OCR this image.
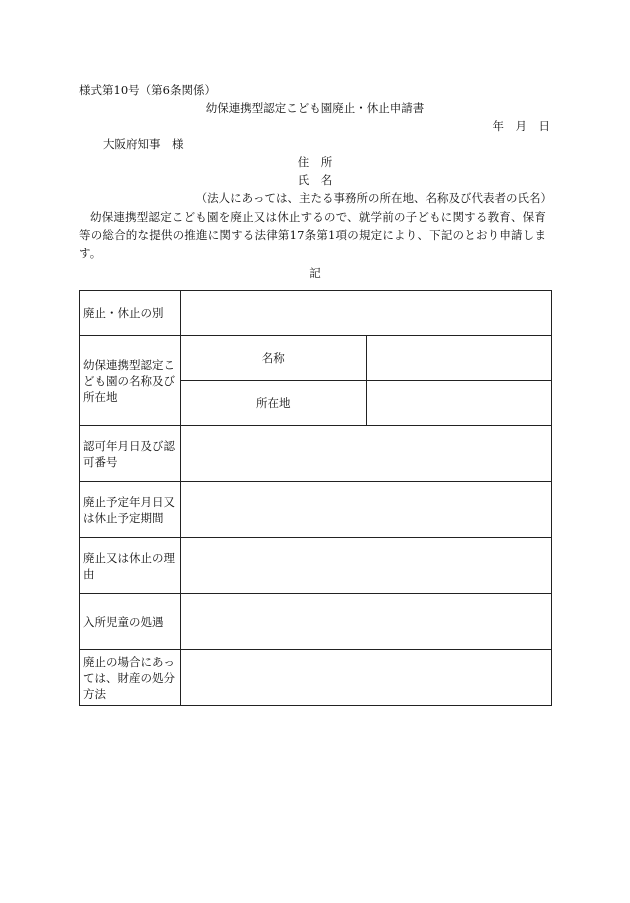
様式第10号（第6条関係）
幼保連携型認定こども園廃止・休止申請書
年　月　日
大阪府知事　様
住　所
氏　名
（法人にあっては、主たる事務所の所在地、名称及び代表者の氏名）
幼保連携型認定こども園を廃止又は休止するので、就学前の子どもに関する教育、保育等の総合的な提供の推進に関する法律第17条第1項の規定により、下記のとおり申請します。
記
廃止・休止の別		
幼保連携型認定こども園の名称及び所在地	名称	
	所在地	
認可年月日及び認可番号		
廃止予定年月日又は休止予定期間		
廃止又は休止の理由		
入所児童の処遇		
廃止の場合にあっては、財産の処分方法		
